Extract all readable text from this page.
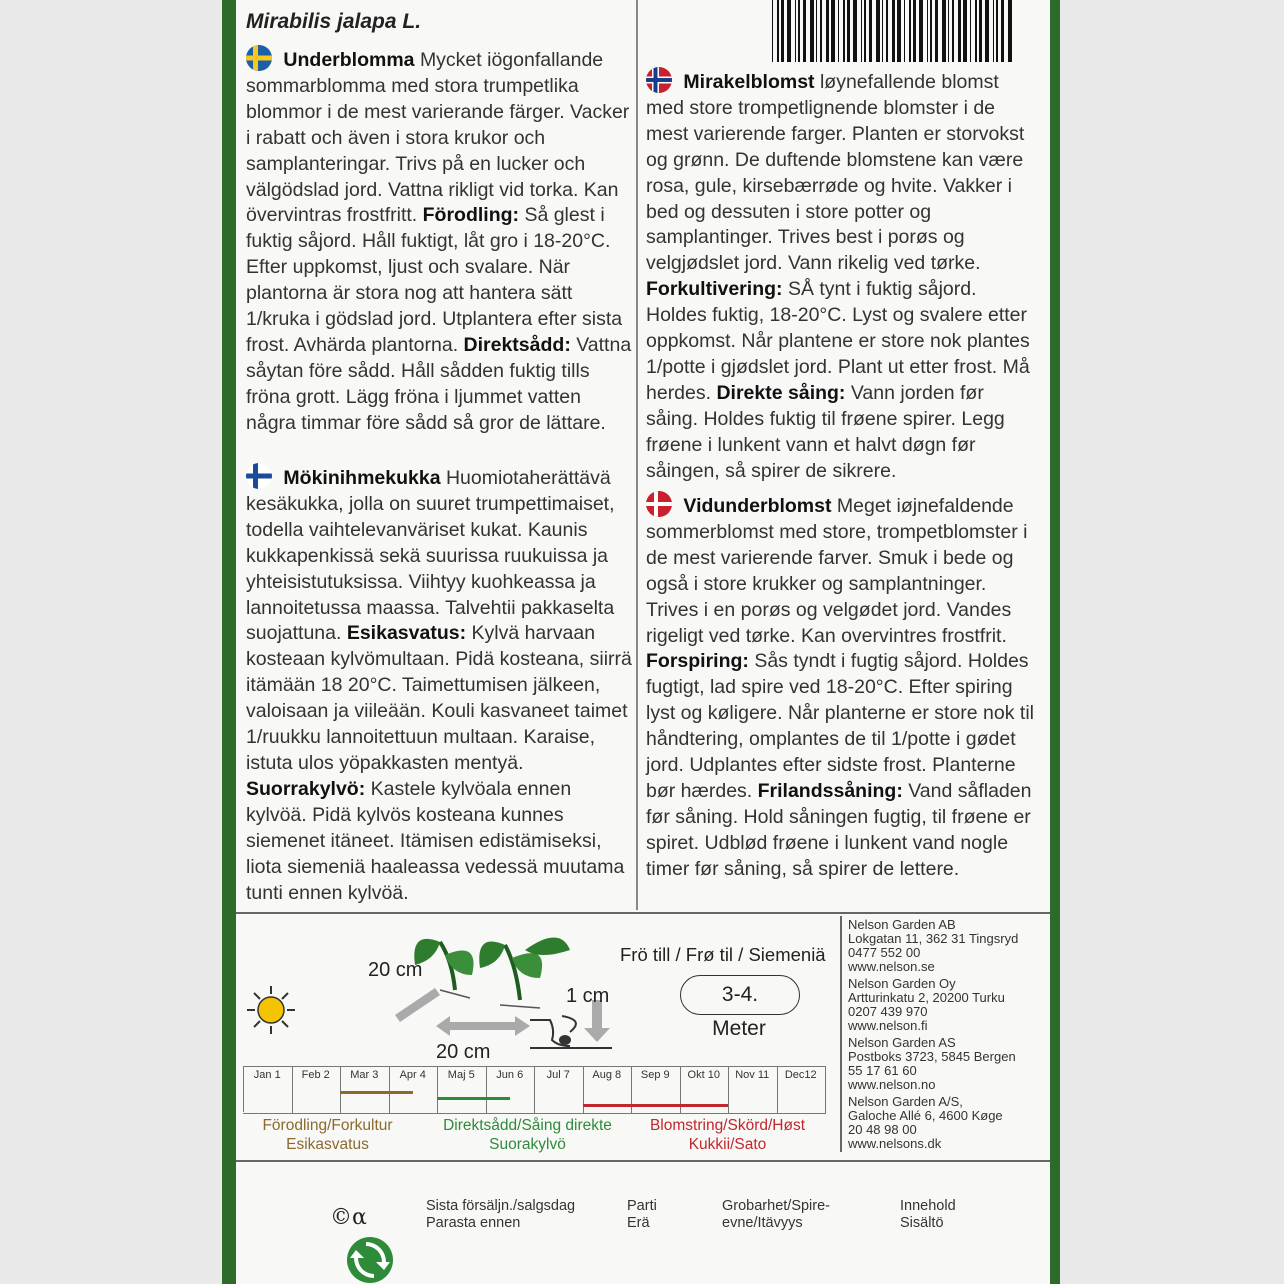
Mirabilis jalapa L.
Underblomma Mycket iögonfallande sommarblomma med stora trumpetlika blommor i de mest varierande färger. Vacker i rabatt och även i stora krukor och samplanteringar. Trivs på en lucker och välgödslad jord. Vattna rikligt vid torka. Kan övervintras frostfritt. Förodling: Så glest i fuktig såjord. Håll fuktigt, låt gro i 18-20°C. Efter uppkomst, ljust och svalare. När plantorna är stora nog att hantera sätt 1/kruka i gödslad jord. Utplantera efter sista frost. Avhärda plantorna. Direktsådd: Vattna såytan före sådd. Håll sådden fuktig tills fröna grott. Lägg fröna i ljummet vatten några timmar före sådd så gror de lättare.
Mökinihmekukka Huomiotaherättävä kesäkukka, jolla on suuret trumpettimaiset, todella vaihtelevanväriset kukat. Kaunis kukkapenkissä sekä suurissa ruukuissa ja yhteisistutuksissa. Viihtyy kuohkeassa ja lannoitetussa maassa. Talvehtii pakkaselta suojattuna. Esikasvatus: Kylvä harvaan kosteaan kylvömultaan. Pidä kosteana, siirrä itämään 18 20°C. Taimettumisen jälkeen, valoisaan ja viileään. Kouli kasvaneet taimet 1/ruukku lannoitettuun multaan. Karaise, istuta ulos yöpakkasten mentyä. Suorrakylvö: Kastele kylvöala ennen kylvöä. Pidä kylvös kosteana kunnes siemenet itäneet. Itämisen edistämiseksi, liota siemeniä haaleassa vedessä muutama tunti ennen kylvöä.
Mirakelblomst løynefallende blomst med store trompetlignende blomster i de mest varierende farger. Planten er storvokst og grønn. De duftende blomstene kan være rosa, gule, kirsebærrøde og hvite. Vakker i bed og dessuten i store potter og samplantinger. Trives best i porøs og velgjødslet jord. Vann rikelig ved tørke. Forkultivering: SÅ tynt i fuktig såjord. Holdes fuktig, 18-20°C. Lyst og svalere etter oppkomst. Når plantene er store nok plantes 1/potte i gjødslet jord. Plant ut etter frost. Må herdes. Direkte såing: Vann jorden før såing. Holdes fuktig til frøene spirer. Legg frøene i lunkent vann et halvt døgn før såingen, så spirer de sikrere.
Vidunderblomst Meget iøjnefaldende sommerblomst med store, trompetblomster i de mest varierende farver. Smuk i bede og også i store krukker og samplantninger. Trives i en porøs og velgødet jord. Vandes rigeligt ved tørke. Kan overvintres frostfrit. Forspiring: Sås tyndt i fugtig såjord. Holdes fugtigt, lad spire ved 18-20°C. Efter spiring lyst og køligere. Når planterne er store nok til håndtering, omplantes de til 1/potte i gødet jord. Udplantes efter sidste frost. Planterne bør hærdes. Frilandssåning: Vand såfladen før såning. Hold såningen fugtig, til frøene er spiret. Udblød frøene i lunkent vand nogle timer før såning, så spirer de lettere.
20 cm
20 cm
1 cm
Frö till / Frø til / Siemeniä
3-4.
Meter
Jan 1	Feb 2	Mar 3	Apr 4	Maj 5	Jun 6	Jul 7	Aug 8	Sep 9	Okt 10	Nov 11	Dec12
Förodling/Forkultur
Esikasvatus
Direktsådd/Såing direkte
Suorakylvö
Blomstring/Skörd/Høst
Kukkii/Sato
Nelson Garden AB
Lokgatan 11, 362 31 Tingsryd
0477 552 00
www.nelson.se
Nelson Garden Oy
Artturinkatu 2, 20200 Turku
0207 439 970
www.nelson.fi
Nelson Garden AS
Postboks 3723, 5845 Bergen
55 17 61 60
www.nelson.no
Nelson Garden A/S,
Galoche Allé 6, 4600 Køge
20 48 98 00
www.nelsons.dk
©α	Sista försäljn./salgsdag
Parasta ennen
Parti
Erä
Grobarhet/Spire-
evne/Itävyys
Innehold
Sisältö
